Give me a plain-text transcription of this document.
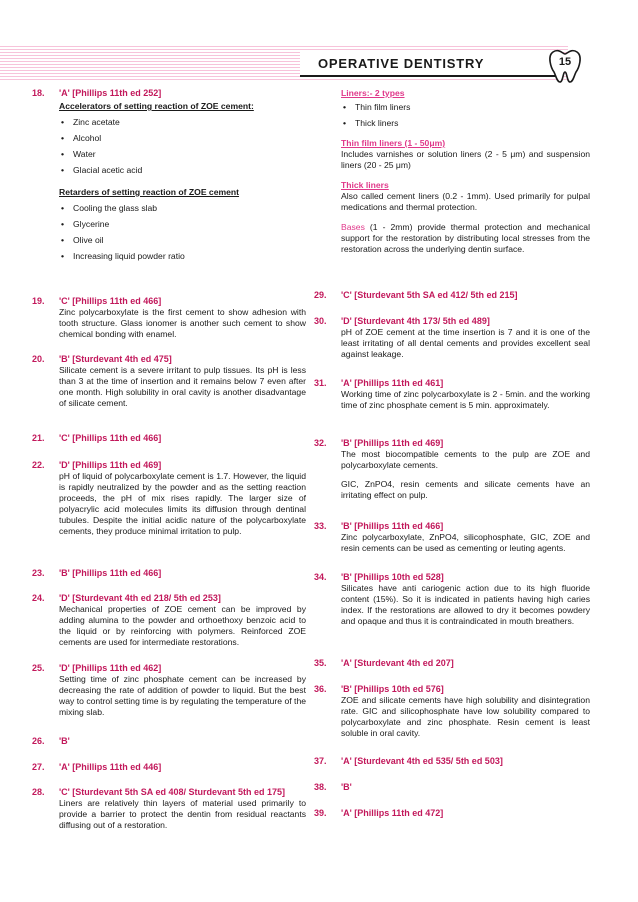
OPERATIVE DENTISTRY	15
18. 'A' [Phillips 11th ed 252]
Accelerators of setting reaction of ZOE cement:
• Zinc acetate
• Alcohol
• Water
• Glacial acetic acid
Retarders of setting reaction of ZOE cement
• Cooling the glass slab
• Glycerine
• Olive oil
• Increasing liquid powder ratio
19. 'C' [Phillips 11th ed 466]
Zinc polycarboxylate is the first cement to show adhesion with tooth structure. Glass ionomer is another such cement to show chemical bonding with enamel.
20. 'B' [Sturdevant 4th ed 475]
Silicate cement is a severe irritant to pulp tissues. Its pH is less than 3 at the time of insertion and it remains below 7 even after one month. High solubility in oral cavity is another disadvantage of silicate cement.
21. 'C' [Phillips 11th ed 466]
22. 'D' [Phillips 11th ed 469]
pH of liquid of polycarboxylate cement is 1.7. However, the liquid is rapidly neutralized by the powder and as the setting reaction proceeds, the pH of mix rises rapidly. The larger size of polyacrylic acid molecules limits its diffusion through dentinal tubules. Despite the initial acidic nature of the polycarboxylate cements, they produce minimal irritation to pulp.
23. 'B' [Phillips 11th ed 466]
24. 'D' [Sturdevant 4th ed 218/ 5th ed 253]
Mechanical properties of ZOE cement can be improved by adding alumina to the powder and orthoethoxy benzoic acid to the liquid or by reinforcing with polymers. Reinforced ZOE cements are used for intermediate restorations.
25. 'D' [Phillips 11th ed 462]
Setting time of zinc phosphate cement can be increased by decreasing the rate of addition of powder to liquid. But the best way to control setting time is by regulating the temperature of the mixing slab.
26. 'B'
27. 'A' [Phillips 11th ed 446]
28. 'C' [Sturdevant 5th SA ed 408/ Sturdevant 5th ed 175]
Liners are relatively thin layers of material used primarily to provide a barrier to protect the dentin from residual reactants diffusing out of a restoration.
Liners:- 2 types
• Thin film liners
• Thick liners
Thin film liners (1 - 50μm)
Includes varnishes or solution liners (2 - 5 μm) and suspension liners (20 - 25 μm)
Thick liners
Also called cement liners (0.2 - 1mm). Used primarily for pulpal medications and thermal protection.
Bases (1 - 2mm) provide thermal protection and mechanical support for the restoration by distributing local stresses from the restoration across the underlying dentin surface.
29. 'C' [Sturdevant 5th SA ed 412/ 5th ed 215]
30. 'D' [Sturdevant 4th 173/ 5th ed 489]
pH of ZOE cement at the time insertion is 7 and it is one of the least irritating of all dental cements and provides excellent seal against leakage.
31. 'A' [Phillips 11th ed 461]
Working time of zinc polycarboxylate is 2 - 5min. and the working time of zinc phosphate cement is 5 min. approximately.
32. 'B' [Phillips 11th ed 469]
The most biocompatible cements to the pulp are ZOE and polycarboxylate cements.
GIC, ZnPO4, resin cements and silicate cements have an irritating effect on pulp.
33. 'B' [Phillips 11th ed 466]
Zinc polycarboxylate, ZnPO4, silicophosphate, GIC, ZOE and resin cements can be used as cementing or leuting agents.
34. 'B' [Phillips 10th ed 528]
Silicates have anti cariogenic action due to its high fluoride content (15%). So it is indicated in patients having high caries index. If the restorations are allowed to dry it becomes powdery and opaque and thus it is contraindicated in mouth breathers.
35. 'A' [Sturdevant 4th ed 207]
36. 'B' [Phillips 10th ed 576]
ZOE and silicate cements have high solubility and disintegration rate. GIC and silicophosphate have low solubility compared to polycarboxylate and zinc phosphate. Resin cement is least soluble in oral cavity.
37. 'A' [Sturdevant 4th ed 535/ 5th ed 503]
38. 'B'
39. 'A' [Phillips 11th ed 472]
